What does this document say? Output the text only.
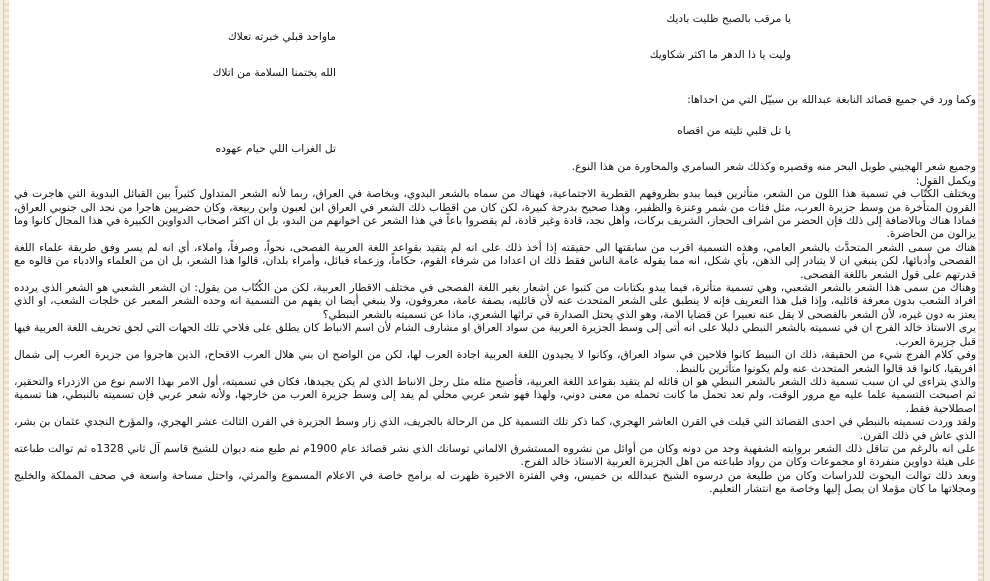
يا مرقب بالصبح ظليت باديك
ماواحد قبلي خبرته تعلاك
وليت يا ذا الدهر ما اكثر شكاويك
الله يختمنا السلامة من اتلاك

وكما ورد في جميع قصائد النابغة عبدالله بن سبيّل التي من احداها:

يا تل قلبي تليته من اقصاه
تل الغراب اللي حيام عهوده

وجميع شعر الهجيني طويل البحر منه وقصيره وكذلك شعر السامري والمحاورة من هذا النوع.

ويكمل القول:

ويختلف الكُتّاب في تسمية هذا اللون من الشعر، متأثرين فيما يبدو بظروفهم القطرية الاجتماعية، فهناك من سماه بالشعر البدوي، وبخاصة في العراق، ربما لأنه الشعر المتداول كثيراً بين القبائل البدوية التي هاجرت في القرون المتأخرة من وسط جزيرة العرب، مثل فئات من شمر وعنزة والظفير، وهذا صحيح بدرجة كبيرة، لكن كان من اقطاب ذلك الشعر في العراق ابن لعبون وابن ربيعة، وكان حضريين هاجرا من نجد الى جنوبي العراق، فماذا هناك وبالاضافة إلى ذلك فإن الحضر من اشراف الحجاز، الشريف بركات، وأهل نجد، قادة وغير قادة، لم يقصروا باعاً في هذا الشعر عن اخوانهم من البدو، بل ان اكثر اصحاب الدواوين الكبيرة في هذا المجال كانوا وما يزالون من الحاضرة.

هناك من سمى الشعر المتحدَّث بالشعر العامي، وهذه التسمية اقرب من سابقتها الى حقيقته إذا أخذ ذلك على انه لم يتقيد بقواعد اللغة العربية الفصحى، نحواً، وصرفاً، واملاء، أي انه لم يسر وفق طريقة علماء اللغة الفصحى وأدبائها، لكن ينبغي ان لا يتبادر إلى الذهن، بأي شكل، انه مما يقوله عامة الناس فقط ذلك ان اعدادا من شرفاء القوم، حكاماً، وزعماء قبائل، وأمراء بلدان، قالوا هذا الشعر، بل ان من العلماء والادباء من قالوه مع قدرتهم على قول الشعر باللغة الفصحى.

وهناك من سمى هذا الشعر بالشعر الشعبي، وهي تسمية متأثرة، فيما يبدو بكتابات من كتبوا عن اشعار بغير اللغة الفصحى في مختلف الاقطار العربية، لكن من الكُتّاب من يقول: ان الشعر الشعبي هو الشعر الذي يردده افراد الشعب بدون معرفة قائليه، وإذا قبل هذا التعريف فإنه لا ينطبق على الشعر المتحدث عنه لأن قائليه، بصفة عامة، معروفون، ولا ينبغي أيضا ان يفهم من التسمية انه وحده الشعر المعبر عن خلجات الشعب، او الذي يعتز به دون غيره، لأن الشعر بالفصحى لا يقل عنه تعبيرا عن قضايا الامة، وهو الذي يحتل الصدارة في تراثها الشعري، ماذا عن تسميته بالشعر النبطي؟

يرى الاستاذ خالد الفرج ان في تسميته بالشعر النبطي دليلا على انه أتى إلى وسط الجزيرة العربية من سواد العراق او مشارف الشام لأن اسم الانباط كان يطلق على فلاحي تلك الجهات التي لحق تحريف اللغة العربية فيها قبل جزيرة العرب.

وفي كلام الفرج شيء من الحقيقة، ذلك ان النبيط كانوا فلاحين في سواد العراق، وكانوا لا يجيدون اللغة العربية اجادة العرب لها، لكن من الواضح ان بني هلال العرب الاقحاح، الذين هاجروا من جزيرة العرب إلى شمال افريقيا، كانوا قد قالوا الشعر المتحدث عنه ولم يكونوا متأثرين بالنبط.

والذي يتراءى لي ان سبب تسمية ذلك الشعر بالشعر النبطي هو ان قائله لم يتقيد بقواعد اللغة العربية، فأصبح مثله مثل رجل الانباط الذي لم يكن يجيدها، فكان في تسميته، أول الامر بهذا الاسم نوع من الازدراء والتحقير، ثم اصبحت التسمية علما عليه مع مرور الوقت، ولم تعد تحمل ما كانت تحمله من معنى دوني، ولهذا فهو شعر عربي محلي لم يفد إلى وسط جزيرة العرب من خارجها، ولأنه شعر عربي فإن تسميته بالنبطي، هنا تسمية اصطلاحية فقط.

ولقد وردت تسميته بالنبطي في احدى القصائد التي قيلت في القرن العاشر الهجري، كما ذكر تلك التسمية كل من الرحالة بالجريف، الذي زار وسط الجزيرة في القرن الثالث عشر الهجري، والمؤرخ النجدي عثمان بن بشر، الذي عاش في ذلك القرن.

على انه بالرغم من تناقل ذلك الشعر بروايته الشفهية وجد من دونه وكان من أوائل من نشروه المستشرق الالماني توسانك الذي نشر قصائد عام 1900م ثم طبع منه ديوان للشيخ قاسم آل ثاني 1328ه ثم توالت طباعته على هيئة دواوين منفردة او مجموعات وكان من رواد طباعته من اهل الجزيرة العربية الاستاذ خالد الفرج.

وبعد ذلك توالت البحوث للدراسات وكان من طليعة من درسوه الشيخ عبدالله بن خميس، وفي الفترة الاخيرة ظهرت له برامج خاصة في الاعلام المسموع والمرئي، واحتل مساحة واسعة في صحف المملكة والخليج ومجلاتها ما كان مؤملا ان يصل إليها وخاصة مع انتشار التعليم.
